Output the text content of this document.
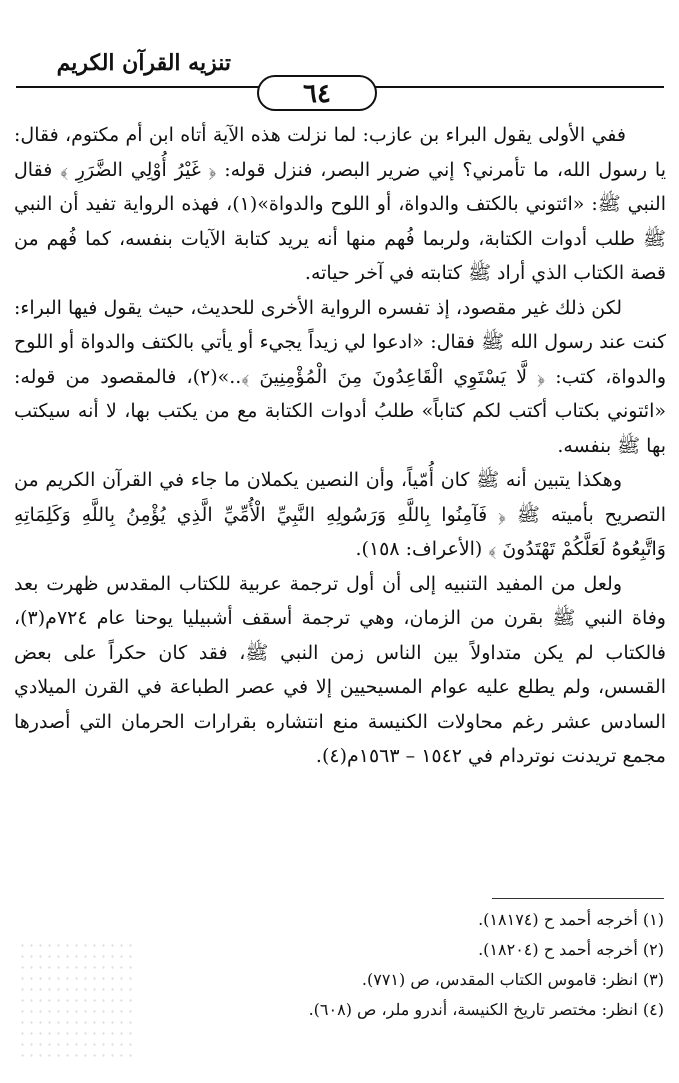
تنزيه القرآن الكريم
٦٤

ففي الأولى يقول البراء بن عازب: لما نزلت هذه الآية أتاه ابن أم مكتوم، فقال: يا رسول الله، ما تأمرني؟ إني ضرير البصر، فنزل قوله: ﴿ غَيْرُ أُوْلِي الضَّرَرِ ﴾ فقال النبي ﷺ: «ائتوني بالكتف والدواة، أو اللوح والدواة»(١)، فهذه الرواية تفيد أن النبي ﷺ طلب أدوات الكتابة، ولربما فُهم منها أنه يريد كتابة الآيات بنفسه، كما فُهم من قصة الكتاب الذي أراد ﷺ كتابته في آخر حياته.

لكن ذلك غير مقصود، إذ تفسره الرواية الأخرى للحديث، حيث يقول فيها البراء: كنت عند رسول الله ﷺ فقال: «ادعوا لي زيداً يجيء أو يأتي بالكتف والدواة أو اللوح والدواة، كتب: ﴿ لَّا يَسْتَوِي الْقَاعِدُونَ مِنَ الْمُؤْمِنِينَ ﴾..»(٢)، فالمقصود من قوله: «ائتوني بكتاب أكتب لكم كتاباً» طلبُ أدوات الكتابة مع من يكتب بها، لا أنه سيكتب بها ﷺ بنفسه.

وهكذا يتبين أنه ﷺ كان أُمّياً، وأن النصين يكملان ما جاء في القرآن الكريم من التصريح بأميته ﷺ ﴿ فَآمِنُوا بِاللَّهِ وَرَسُولِهِ النَّبِيِّ الْأُمِّيِّ الَّذِي يُؤْمِنُ بِاللَّهِ وَكَلِمَاتِهِ وَاتَّبِعُوهُ لَعَلَّكُمْ تَهْتَدُونَ ﴾ (الأعراف: ١٥٨).

ولعل من المفيد التنبيه إلى أن أول ترجمة عربية للكتاب المقدس ظهرت بعد وفاة النبي ﷺ بقرن من الزمان، وهي ترجمة أسقف أشبيليا يوحنا عام ٧٢٤م(٣)، فالكتاب لم يكن متداولاً بين الناس زمن النبي ﷺ، فقد كان حكراً على بعض القسس، ولم يطلع عليه عوام المسيحيين إلا في عصر الطباعة في القرن الميلادي السادس عشر رغم محاولات الكنيسة منع انتشاره بقرارات الحرمان التي أصدرها مجمع تريدنت نوتردام في ١٥٤٢ – ١٥٦٣م(٤).

(١) أخرجه أحمد ح (١٨١٧٤).
(٢) أخرجه أحمد ح (١٨٢٠٤).
(٣) انظر: قاموس الكتاب المقدس، ص (٧٧١).
(٤) انظر: مختصر تاريخ الكنيسة، أندرو ملر، ص (٦٠٨).
